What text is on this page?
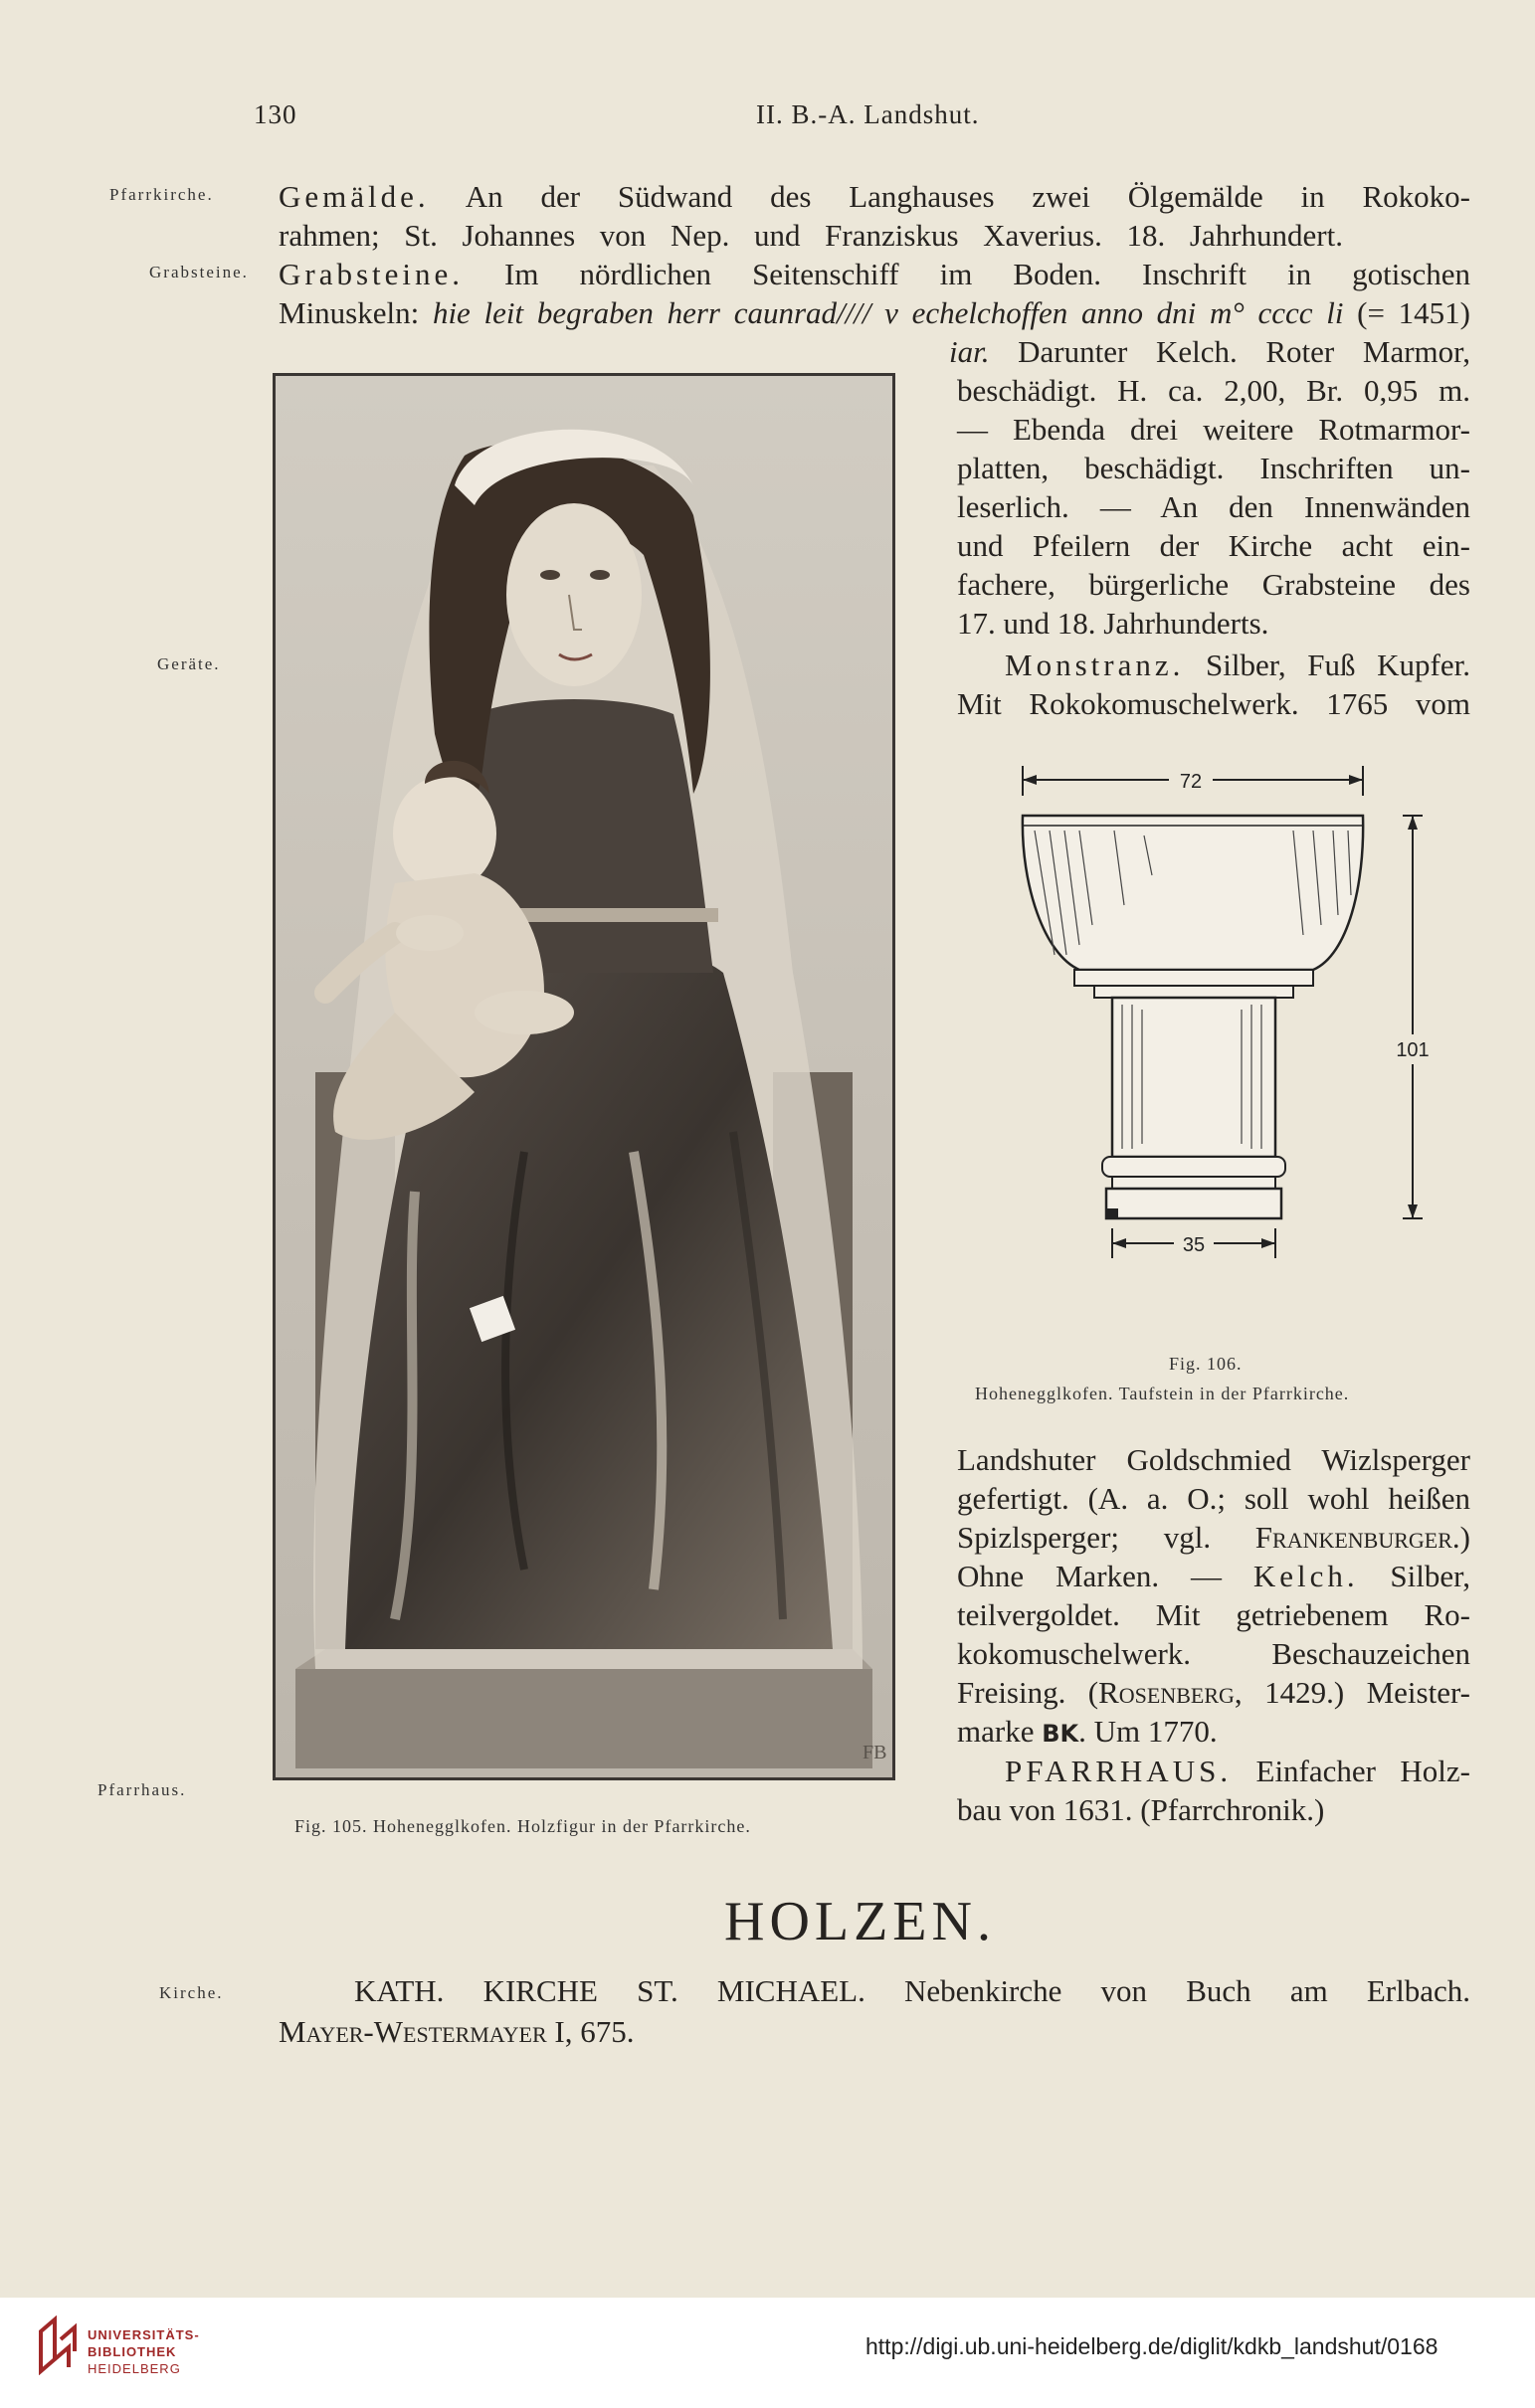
130	II. B.-A. Landshut.
Pfarrkirche.
Grabsteine.
Geräte.
Pfarrhaus.
Kirche.
Gemälde. An der Südwand des Langhauses zwei Ölgemälde in Rokoko-
rahmen; St. Johannes von Nep. und Franziskus Xaverius. 18. Jahrhundert.
Grabsteine. Im nördlichen Seitenschiff im Boden. Inschrift in gotischen
Minuskeln: hie leit begraben herr caunrad//// v echelchoffen anno dni m° cccc li (= 1451)
FB
Fig. 105. Hohenegglkofen. Holzfigur in der Pfarrkirche.
iar. Darunter Kelch. Roter Marmor,
beschädigt. H. ca. 2,00, Br. 0,95 m.
— Ebenda drei weitere Rotmarmor-
platten, beschädigt. Inschriften un-
leserlich. — An den Innenwänden
und Pfeilern der Kirche acht ein-
fachere, bürgerliche Grabsteine des
17. und 18. Jahrhunderts.
Monstranz. Silber, Fuß Kupfer.
Mit Rokokomuschelwerk. 1765 vom
72
101
35
Fig. 106.
Hohenegglkofen. Taufstein in der Pfarrkirche.
Landshuter Goldschmied Wizlsperger
gefertigt. (A. a. O.; soll wohl heißen
Spizlsperger; vgl. Frankenburger.)
Ohne Marken. — Kelch. Silber,
teilvergoldet. Mit getriebenem Ro-
kokomuschelwerk. Beschauzeichen
Freising. (Rosenberg, 1429.) Meister-
marke BK. Um 1770.
PFARRHAUS. Einfacher Holz-
bau von 1631. (Pfarrchronik.)
HOLZEN.
KATH. KIRCHE ST. MICHAEL. Nebenkirche von Buch am Erlbach.
Mayer-Westermayer I, 675.
UNIVERSITÄTS-
BIBLIOTHEK
HEIDELBERG
http://digi.ub.uni-heidelberg.de/diglit/kdkb_landshut/0168
